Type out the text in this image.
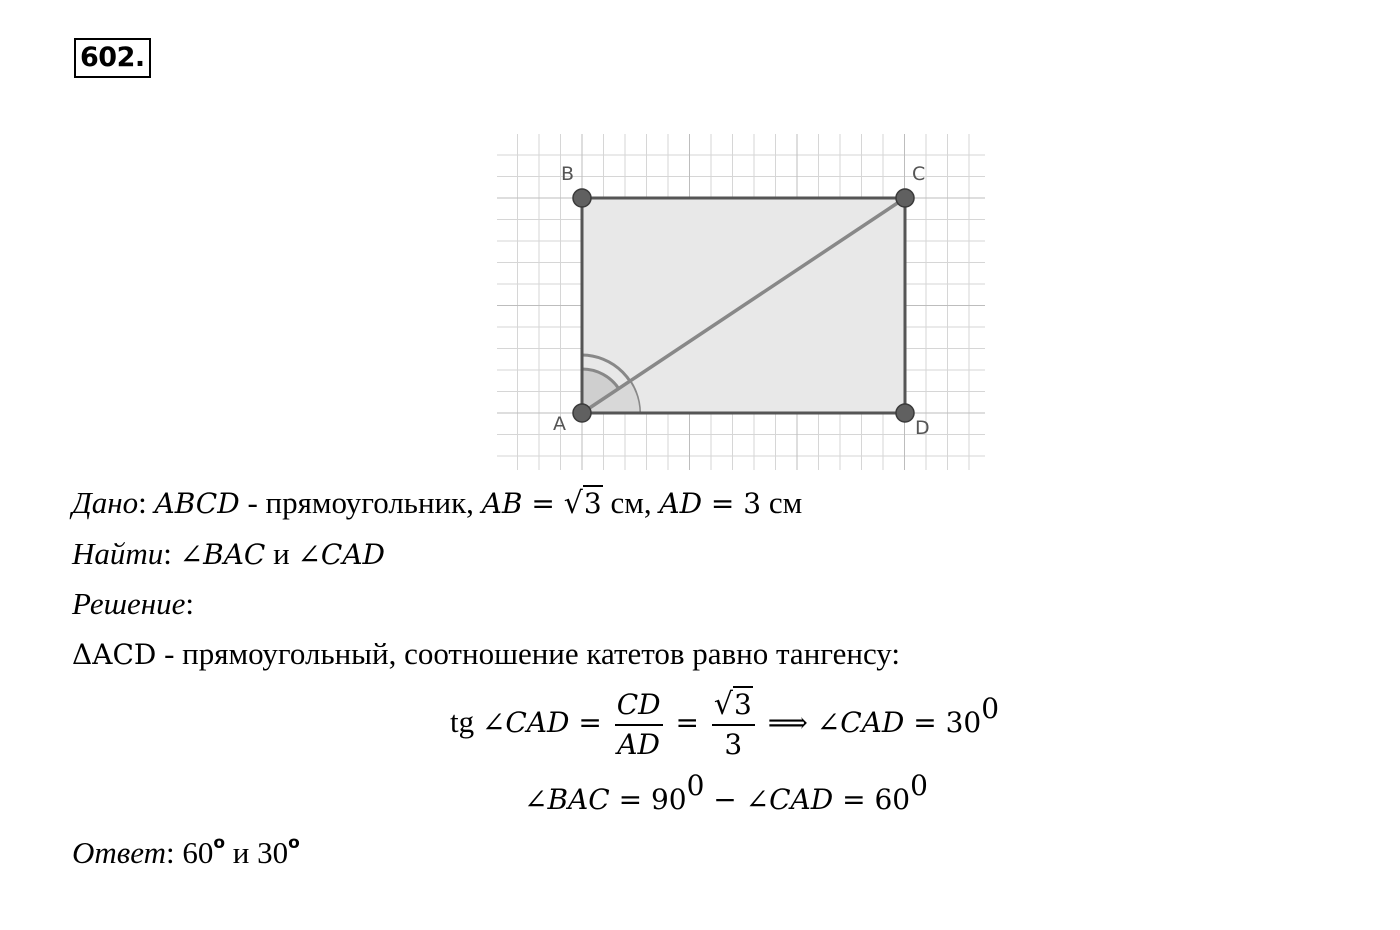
602.
B	C
A	D
Дано: ABCD - прямоугольник, AB = √3 см, AD = 3 см
Найти: ∠BAC и ∠CAD
Решение:
ΔACD - прямоугольный, соотношение катетов равно тангенсу:
tg ∠CAD = $\frac{CD}{AD} = \frac{√3}{3}$ ⟹ ∠CAD = $30^0$
∠BAC = $90^0$ − ∠CAD = $60^0$
Ответ: 60$^o$ и 30$^o$
